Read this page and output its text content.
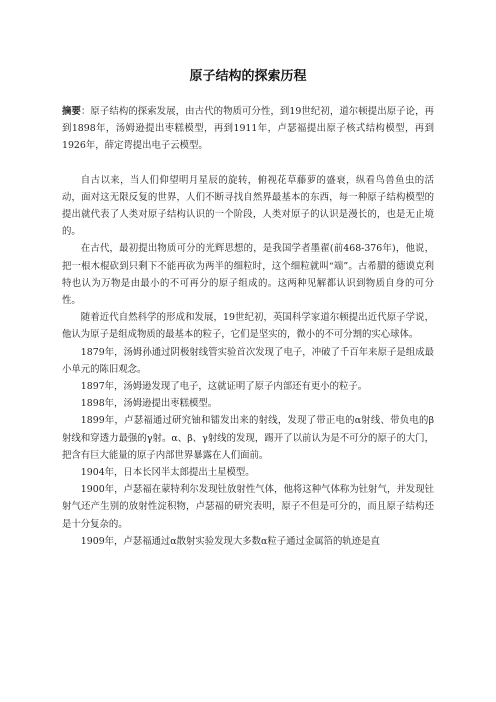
原子结构的探索历程

摘要：原子结构的探索发展，由古代的物质可分性，到19世纪初，道尔顿提出原子论，再到1898年，汤姆逊提出枣糕模型，再到1911年，卢瑟福提出原子核式结构模型，再到1926年，薛定谔提出电子云模型。

自古以来，当人们仰望明月星辰的旋转，俯视花草藤萝的盛衰，纵看鸟兽鱼虫的活动，面对这无限反复的世界，人们不断寻找自然界最基本的东西，每一种原子结构模型的提出就代表了人类对原子结构认识的一个阶段，人类对原子的认识是漫长的，也是无止境的。

在古代，最初提出物质可分的光辉思想的，是我国学者墨翟(前468-376年)，他说，把一根木棍砍到只剩下不能再砍为两半的细粒时，这个细粒就叫“端”。古希腊的德谟克利特也认为万物是由最小的不可再分的原子组成的。这两种见解都认识到物质自身的可分性。

随着近代自然科学的形成和发展，19世纪初，英国科学家道尔顿提出近代原子学说，他认为原子是组成物质的最基本的粒子，它们是坚实的，微小的不可分割的实心球体。

1879年，汤姆孙通过阴极射线管实验首次发现了电子，冲破了千百年来原子是组成最小单元的陈旧观念。

1897年，汤姆逊发现了电子，这就证明了原子内部还有更小的粒子。

1898年，汤姆逊提出枣糕模型。

1899年，卢瑟福通过研究铀和镭发出来的射线，发现了带正电的α射线、带负电的β射线和穿透力最强的γ射。α、β、γ射线的发现，踢开了以前认为是不可分的原子的大门，把含有巨大能量的原子内部世界暴露在人们面前。

1904年，日本长冈半太郎提出土星模型。

1900年，卢瑟福在蒙特利尔发现钍放射性气体，他将这种气体称为钍射气，并发现钍射气还产生别的放射性淀积物，卢瑟福的研究表明，原子不但是可分的，而且原子结构还是十分复杂的。

1909年，卢瑟福通过α散射实验发现大多数α粒子通过金属箔的轨迹是直
